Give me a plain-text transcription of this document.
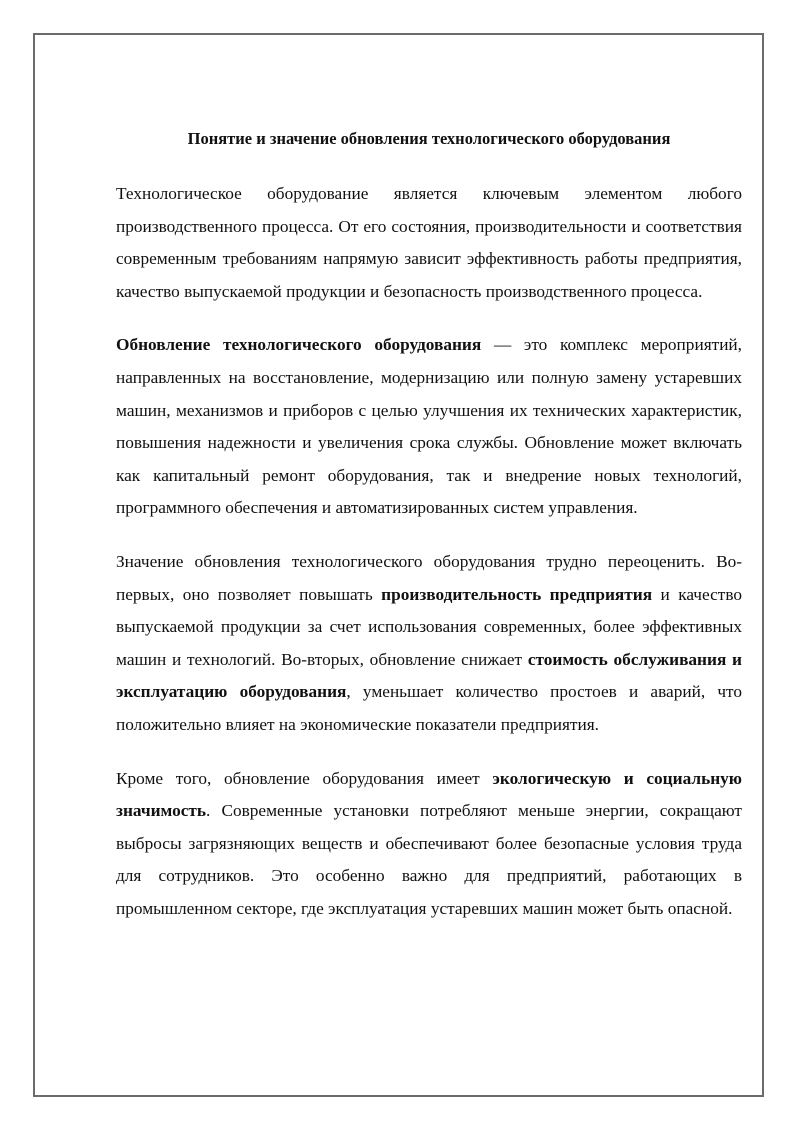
Понятие и значение обновления технологического оборудования

Технологическое оборудование является ключевым элементом любого производственного процесса. От его состояния, производительности и соответствия современным требованиям напрямую зависит эффективность работы предприятия, качество выпускаемой продукции и безопасность производственного процесса.

Обновление технологического оборудования — это комплекс мероприятий, направленных на восстановление, модернизацию или полную замену устаревших машин, механизмов и приборов с целью улучшения их технических характеристик, повышения надежности и увеличения срока службы. Обновление может включать как капитальный ремонт оборудования, так и внедрение новых технологий, программного обеспечения и автоматизированных систем управления.

Значение обновления технологического оборудования трудно переоценить. Во-первых, оно позволяет повышать производительность предприятия и качество выпускаемой продукции за счет использования современных, более эффективных машин и технологий. Во-вторых, обновление снижает стоимость обслуживания и эксплуатацию оборудования, уменьшает количество простоев и аварий, что положительно влияет на экономические показатели предприятия.

Кроме того, обновление оборудования имеет экологическую и социальную значимость. Современные установки потребляют меньше энергии, сокращают выбросы загрязняющих веществ и обеспечивают более безопасные условия труда для сотрудников. Это особенно важно для предприятий, работающих в промышленном секторе, где эксплуатация устаревших машин может быть опасной.
